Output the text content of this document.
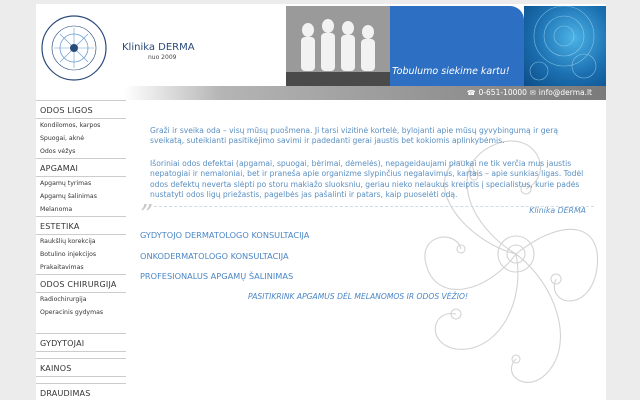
Klinika DERMA
nuo 2009
Tobulumo siekime kartu!
☎ 0-651-10000 ✉ info@derma.lt
ODOS LIGOS
Kondilomos, karpos
Spuogai, aknė
Odos vėžys
APGAMAI
Apgamų tyrimas
Apgamų šalinimas
Melanoma
ESTETIKA
Raukšlių korekcija
Botulino injekcijos
Prakaitavimas
ODOS CHIRURGIJA
Radiochirurgija
Operacinis gydymas
GYDYTOJAI
KAINOS
DRAUDIMAS

Graži ir sveika oda – visų mūsų puošmena. Ji tarsi vizitinė kortelė, bylojanti apie mūsų gyvybingumą ir gerą sveikatą, suteikianti pasitikėjimo savimi ir padedanti gerai jaustis bet kokiomis aplinkybėmis.

Išoriniai odos defektai (apgamai, spuogai, bėrimai, dėmelės), nepageidaujami plaukai ne tik verčia mus jaustis nepatogiai ir nemaloniai, bet ir praneša apie organizme slypinčius negalavimus, kartais – apie sunkias ligas. Todėl odos defektų neverta slėpti po storu makiažo sluoksniu, geriau nieko nelaukus kreiptis į specialistus, kurie padės nustatyti odos ligų priežastis, pagelbės jas pašalinti ir patars, kaip puoselėti odą.

”	Klinika DERMA
GYDYTOJO DERMATOLOGO KONSULTACIJA
ONKODERMATOLOGO KONSULTACIJA
PROFESIONALUS APGAMŲ ŠALINIMAS
PASITIKRINK APGAMUS DĖL MELANOMOS IR ODOS VĖŽIO!
